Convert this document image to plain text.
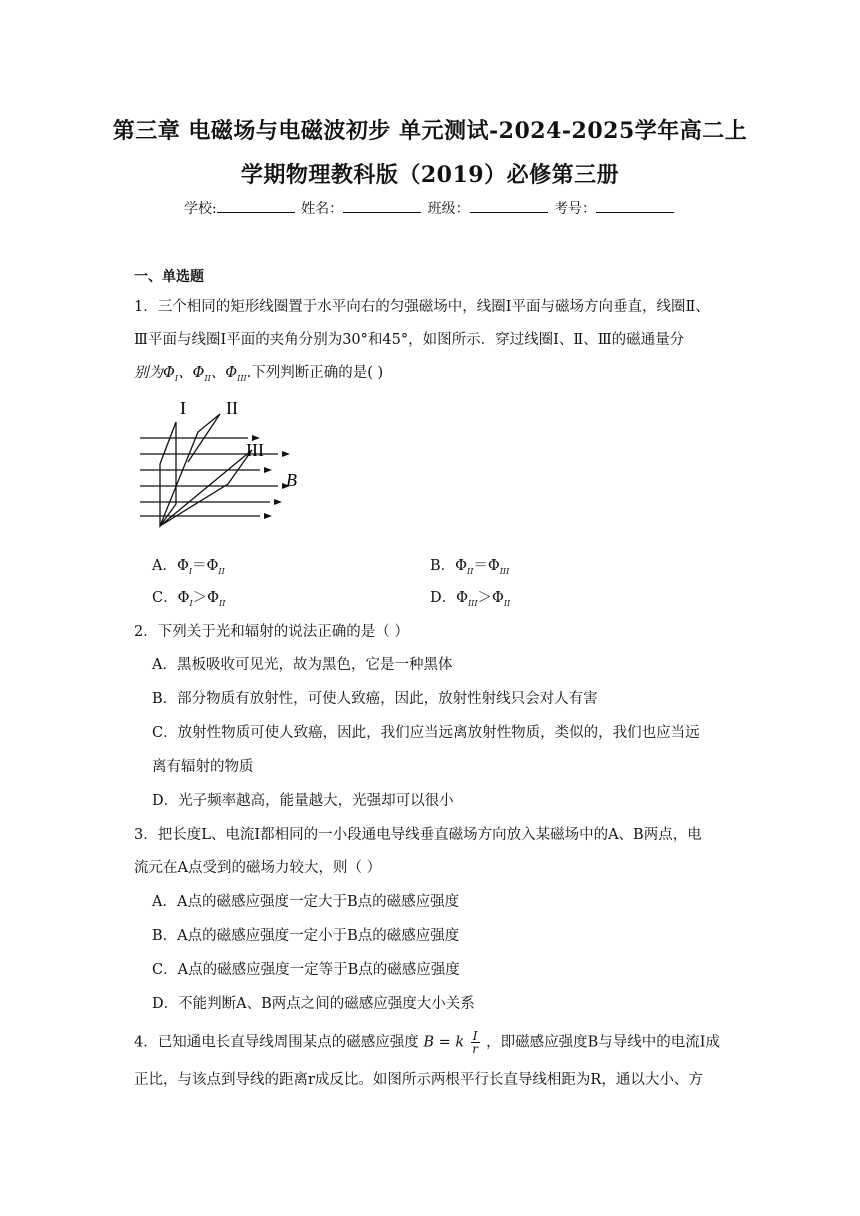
第三章 电磁场与电磁波初步 单元测试-2024-2025学年高二上
学期物理教科版（2019）必修第三册
学校:	姓名：	班级：	考号：
一、单选题
1．三个相同的矩形线圈置于水平向右的匀强磁场中，线圈Ⅰ平面与磁场方向垂直，线圈Ⅱ、
Ⅲ平面与线圈Ⅰ平面的夹角分别为30°和45°，如图所示．穿过线圈Ⅰ、Ⅱ、Ⅲ的磁通量分
别为$\Phi_I$、$\Phi_{II}$、$\Phi_{III}$.下列判断正确的是( )
I II
III
B
A．$\Phi_I=\Phi_{II}$	B．$\Phi_{II}=\Phi_{III}$
C．$\Phi_I>\Phi_{II}$	D．$\Phi_{III}>\Phi_{II}$
2．下列关于光和辐射的说法正确的是（ ）
A．黑板吸收可见光，故为黑色，它是一种黑体
B．部分物质有放射性，可使人致癌，因此，放射性射线只会对人有害
C．放射性物质可使人致癌，因此，我们应当远离放射性物质，类似的，我们也应当远
离有辐射的物质
D．光子频率越高，能量越大，光强却可以很小
3．把长度L、电流I都相同的一小段通电导线垂直磁场方向放入某磁场中的A、B两点，电
流元在A点受到的磁场力较大，则（ ）
A．A点的磁感应强度一定大于B点的磁感应强度
B．A点的磁感应强度一定小于B点的磁感应强度
C．A点的磁感应强度一定等于B点的磁感应强度
D．不能判断A、B两点之间的磁感应强度大小关系
4．已知通电长直导线周围某点的磁感应强度 B = k $\frac{I}{r}$ ，即磁感应强度B与导线中的电流I成
正比，与该点到导线的距离r成反比。如图所示两根平行长直导线相距为R，通以大小、方
